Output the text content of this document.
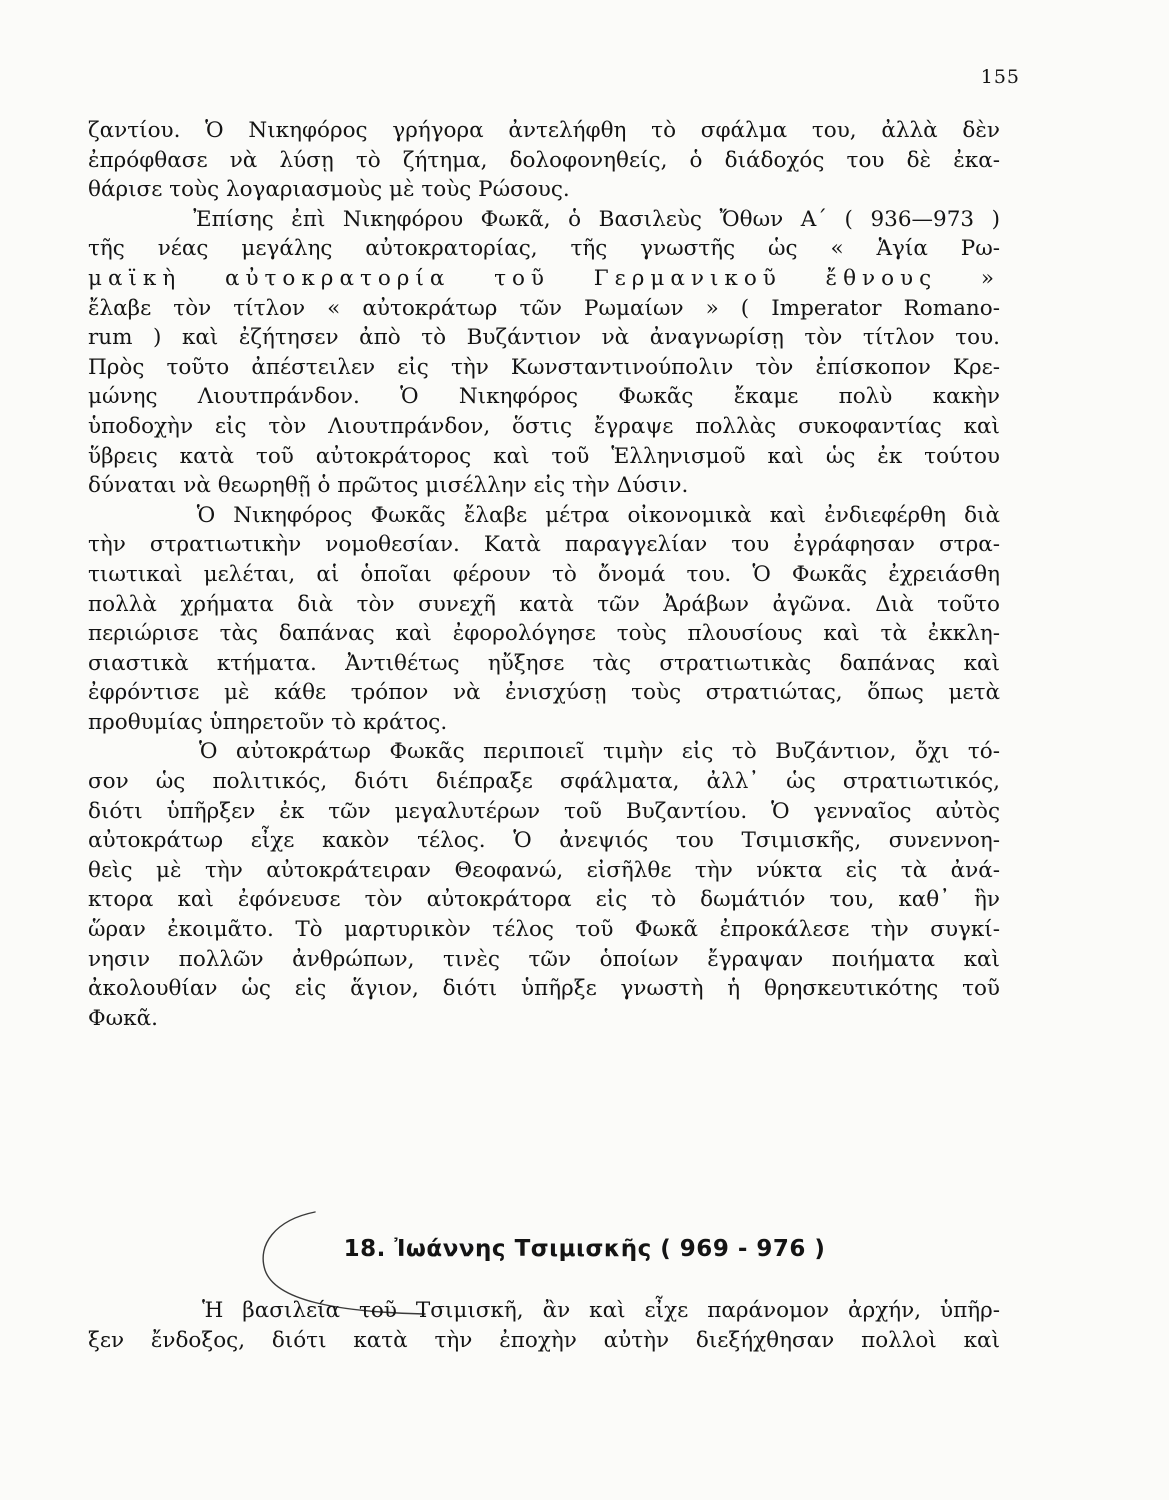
155
ζαντίου. Ὁ Νικηφόρος γρήγορα ἀντελήφθη τὸ σφάλμα του, ἀλλὰ δὲν
ἐπρόφθασε νὰ λύσῃ τὸ ζήτημα, δολοφονηθείς, ὁ διάδοχός του δὲ ἐκα-
θάρισε τοὺς λογαριασμοὺς μὲ τοὺς Ρώσους.
Ἐπίσης ἐπὶ Νικηφόρου Φωκᾶ, ὁ Βασιλεὺς Ὄθων Α΄ ( 936—973 )
τῆς νέας μεγάλης αὐτοκρατορίας, τῆς γνωστῆς ὡς « Ἁγία Ρω-
μαϊκὴ αὐτοκρατορία τοῦ Γερμανικοῦ ἔθνους »
ἔλαβε τὸν τίτλον « αὐτοκράτωρ τῶν Ρωμαίων » ( Imperator Romano-
rum ) καὶ ἐζήτησεν ἀπὸ τὸ Βυζάντιον νὰ ἀναγνωρίσῃ τὸν τίτλον του.
Πρὸς τοῦτο ἀπέστειλεν εἰς τὴν Κωνσταντινούπολιν τὸν ἐπίσκοπον Κρε-
μώνης Λιουτπράνδον. Ὁ Νικηφόρος Φωκᾶς ἔκαμε πολὺ κακὴν
ὑποδοχὴν εἰς τὸν Λιουτπράνδον, ὅστις ἔγραψε πολλὰς συκοφαντίας καὶ
ὕβρεις κατὰ τοῦ αὐτοκράτορος καὶ τοῦ Ἑλληνισμοῦ καὶ ὡς ἐκ τούτου
δύναται νὰ θεωρηθῇ ὁ πρῶτος μισέλλην εἰς τὴν Δύσιν.
Ὁ Νικηφόρος Φωκᾶς ἔλαβε μέτρα οἰκονομικὰ καὶ ἐνδιεφέρθη διὰ
τὴν στρατιωτικὴν νομοθεσίαν. Κατὰ παραγγελίαν του ἐγράφησαν στρα-
τιωτικαὶ μελέται, αἱ ὁποῖαι φέρουν τὸ ὄνομά του. Ὁ Φωκᾶς ἐχρειάσθη
πολλὰ χρήματα διὰ τὸν συνεχῆ κατὰ τῶν Ἀράβων ἀγῶνα. Διὰ τοῦτο
περιώρισε τὰς δαπάνας καὶ ἐφορολόγησε τοὺς πλουσίους καὶ τὰ ἐκκλη-
σιαστικὰ κτήματα. Ἀντιθέτως ηὔξησε τὰς στρατιωτικὰς δαπάνας καὶ
ἐφρόντισε μὲ κάθε τρόπον νὰ ἐνισχύσῃ τοὺς στρατιώτας, ὅπως μετὰ
προθυμίας ὑπηρετοῦν τὸ κράτος.
Ὁ αὐτοκράτωρ Φωκᾶς περιποιεῖ τιμὴν εἰς τὸ Βυζάντιον, ὄχι τό-
σον ὡς πολιτικός, διότι διέπραξε σφάλματα, ἀλλ᾽ ὡς στρατιωτικός,
διότι ὑπῆρξεν ἐκ τῶν μεγαλυτέρων τοῦ Βυζαντίου. Ὁ γενναῖος αὐτὸς
αὐτοκράτωρ εἶχε κακὸν τέλος. Ὁ ἀνεψιός του Τσιμισκῆς, συνεννοη-
θεὶς μὲ τὴν αὐτοκράτειραν Θεοφανώ, εἰσῆλθε τὴν νύκτα εἰς τὰ ἀνά-
κτορα καὶ ἐφόνευσε τὸν αὐτοκράτορα εἰς τὸ δωμάτιόν του, καθ᾽ ἣν
ὥραν ἐκοιμᾶτο. Τὸ μαρτυρικὸν τέλος τοῦ Φωκᾶ ἐπροκάλεσε τὴν συγκί-
νησιν πολλῶν ἀνθρώπων, τινὲς τῶν ὁποίων ἔγραψαν ποιήματα καὶ
ἀκολουθίαν ὡς εἰς ἅγιον, διότι ὑπῆρξε γνωστὴ ἡ θρησκευτικότης τοῦ
Φωκᾶ.
18. Ἰωάννης Τσιμισκῆς ( 969 - 976 )
Ἡ βασιλεία τοῦ Τσιμισκῆ, ἂν καὶ εἶχε παράνομον ἀρχήν, ὑπῆρ-
ξεν ἔνδοξος, διότι κατὰ τὴν ἐποχὴν αὐτὴν διεξήχθησαν πολλοὶ καὶ
